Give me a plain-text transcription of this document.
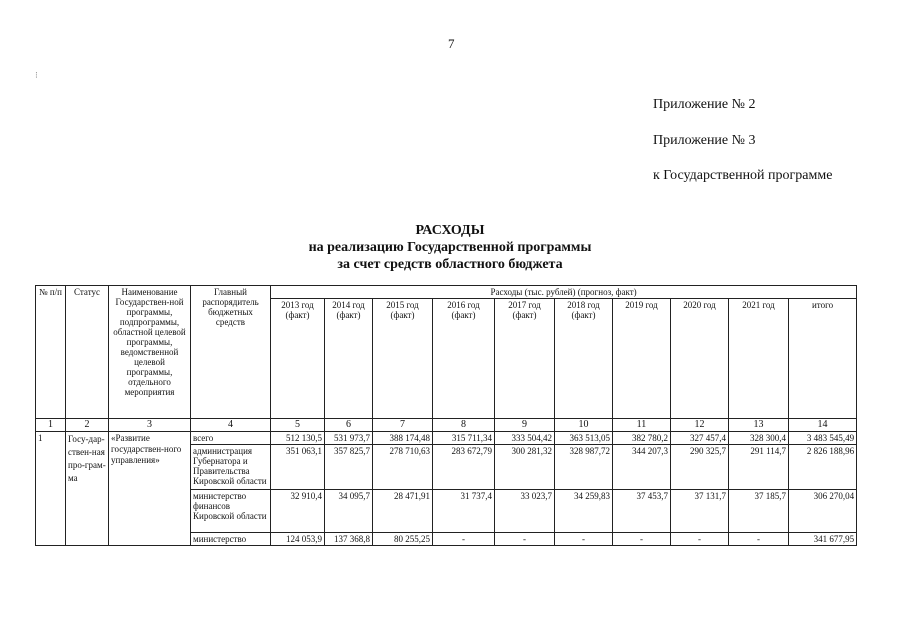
7
⁝
Приложение № 2
Приложение № 3
к Государственной программе
РАСХОДЫ
на реализацию Государственной программы
за счет средств областного бюджета
№ п/п	Статус	Наименование Государствен-ной программы, подпрограммы, областной целевой программы, ведомственной целевой программы, отдельного мероприятия	Главный распорядитель бюджетных средств	Расходы (тыс. рублей) (прогноз, факт)									
				2013 год (факт)	2014 год (факт)	2015 год (факт)	2016 год (факт)	2017 год (факт)	2018 год (факт)	2019 год	2020 год	2021 год	итого
1	2	3	4	5	6	7	8	9	10	11	12	13	14
1	Госу-дар-ствен-ная про-грам-ма	«Развитие государствен-ного управления»	всего	512 130,5	531 973,7	388 174,48	315 711,34	333 504,42	363 513,05	382 780,2	327 457,4	328 300,4	3 483 545,49
			администрация Губернатора и Правительства Кировской области	351 063,1	357 825,7	278 710,63	283 672,79	300 281,32	328 987,72	344 207,3	290 325,7	291 114,7	2 826 188,96
			министерство финансов Кировской области	32 910,4	34 095,7	28 471,91	31 737,4	33 023,7	34 259,83	37 453,7	37 131,7	37 185,7	306 270,04
			министерство	124 053,9	137 368,8	80 255,25	-	-	-	-	-	-	341 677,95
